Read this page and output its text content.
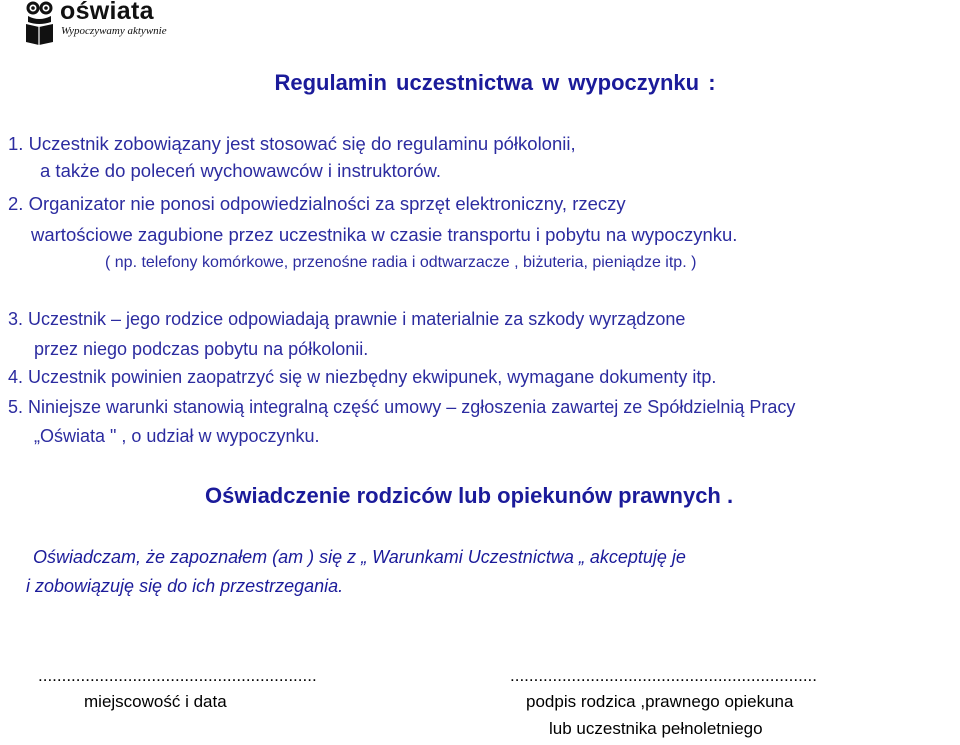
oświata
Wypoczywamy aktywnie
Regulamin uczestnictwa w wypoczynku :
1. Uczestnik zobowiązany jest stosować się do regulaminu półkolonii,
a także do poleceń wychowawców i instruktorów.
2. Organizator nie ponosi odpowiedzialności za sprzęt elektroniczny, rzeczy
wartościowe zagubione przez uczestnika w czasie transportu i pobytu na wypoczynku.
( np. telefony komórkowe, przenośne radia i odtwarzacze , biżuteria, pieniądze itp. )
3. Uczestnik – jego rodzice odpowiadają prawnie i materialnie za szkody wyrządzone
przez niego podczas pobytu na półkolonii.
4. Uczestnik powinien zaopatrzyć się w niezbędny ekwipunek, wymagane dokumenty itp.
5. Niniejsze warunki stanowią integralną część umowy – zgłoszenia zawartej ze Spółdzielnią Pracy
„Oświata " , o udział w wypoczynku.
Oświadczenie rodziców lub opiekunów prawnych .
Oświadczam, że zapoznałem (am ) się z „ Warunkami Uczestnictwa „ akceptuję je
i zobowiązuję się do ich przestrzegania.
...........................................................
miejscowość i data
.................................................................
podpis rodzica ,prawnego opiekuna
lub uczestnika pełnoletniego
